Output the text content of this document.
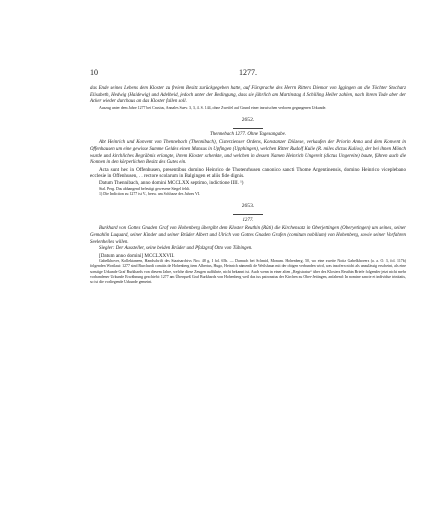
10	1277.

das Ende seines Lebens dem Kloster zu freiem Besitz zurückgegeben hatte, auf Fürsprache des Herrn Ritters Diemar von Iggingen an die Töchter Stocharz Elisabeth, Hedwig (Haidewig) und Adelheid, jedoch unter der Bedingung, dass sie jährlich am Martinstag 4 Schilling Heller zahlen, nach ihrem Tode aber der Acker wieder durchaus an das Kloster fallen soll.

Auszug unter dem Jahre 1277 bei Crusius, Annales Suev. 3, 3, 4. S. 144, ohne Zweifel auf Grund einer inzwischen verloren gegangenen Urkunde.

2652.

Thennebach 1277. Ohne Tagesangabe.

Abt Heinrich und Konvent von Thennebach (Thennibach), Cisterzienser Ordens, Konstanzer Diözese, verkaufen der Priorin Anna und dem Konvent in Offenhausen um eine gewisse Summe Geldes einen Mansus in Upfingen (Upphingen), welchen Ritter Rudolf Kulie (R. miles dictus Kulios), der bei ihnen Mönch wurde und kirchliches Begräbnis erlangte, ihrem Kloster schenkte, und welchen in dessen Namen Heinrich Ungereit (dictus Ungereite) baute, führen auch die Nonnen in den körperlichen Besitz des Gutes ein.

Acta sunt hec in Offenhusen, presentibus domino Heinrico de Thotenrhusen canonico sancti Thome Argentinensis, domino Heinrico viceplebano ecclesie in Offenhusen, . . rectore scolarum in Balgingen et aliis fide dignis.

Datum Thennibach, anno domini MCCLXX septimo, indictione IIII. ¹)

Stal. Perg. Das abhangend befestigt gewesene Siegel fehlt.

1) Die Indiction zu 1277 ist V., bezw. am Schlusse des Jahres VI.

2653.

1277.

Burkhard von Gottes Gnaden Graf von Hohenberg übergibt dem Kloster Reuthin (Rûti) die Kirchensatz in Oberjettingen (Oberyetingen) um seines, seiner Gemahlin Luquard, seiner Kinder und seiner Brüder Albert und Ulrich von Gottes Gnaden Grafen (comitum nobilium) von Hohenberg, sowie seiner Vorfahren Seelenheiles willen.

Siegler: Der Aussteller, seine beiden Brüder und Pfalzgraf Otto von Tübingen.

[Datum anno domini] MCCLXXVII.

Gabelkhover, Kollektaneen, Handschrift des Staatsarchivs Nro. 48 g, I fol. 65b. — Darnach bei Schmid, Monum. Hohenberg. 50, wo eine zweite Notiz Gabelkhovers (a. a. O. 3, fol. 117b) folgenden Wortlaut: 1277 sind Burchardi comitis de Hohenberg item Albertus, Hugo, Heinrich nämentli de Weilshaun mit der obigen verbunden wird, was insofern nicht als unzulässig erscheint, als eine sonstige Urkunde Graf Burkhards von diesem Jahre, welche diese Zeugen aufführte, nicht bekannt ist. Auch wenn in einer alten „Registratur“ über des Klosters Reuthin Briefe folgender jetzt nicht mehr vorhandener Urkunde Erwähnung geschieht: 1277 am Überqueß Graf Burkhards von Hohenberg weil das ius patronatus der Kirchen zu Ober-Jettingen, anfahend: In nomine sancte et individue trinitatis, so ist die vorliegende Urkunde gemeint.
